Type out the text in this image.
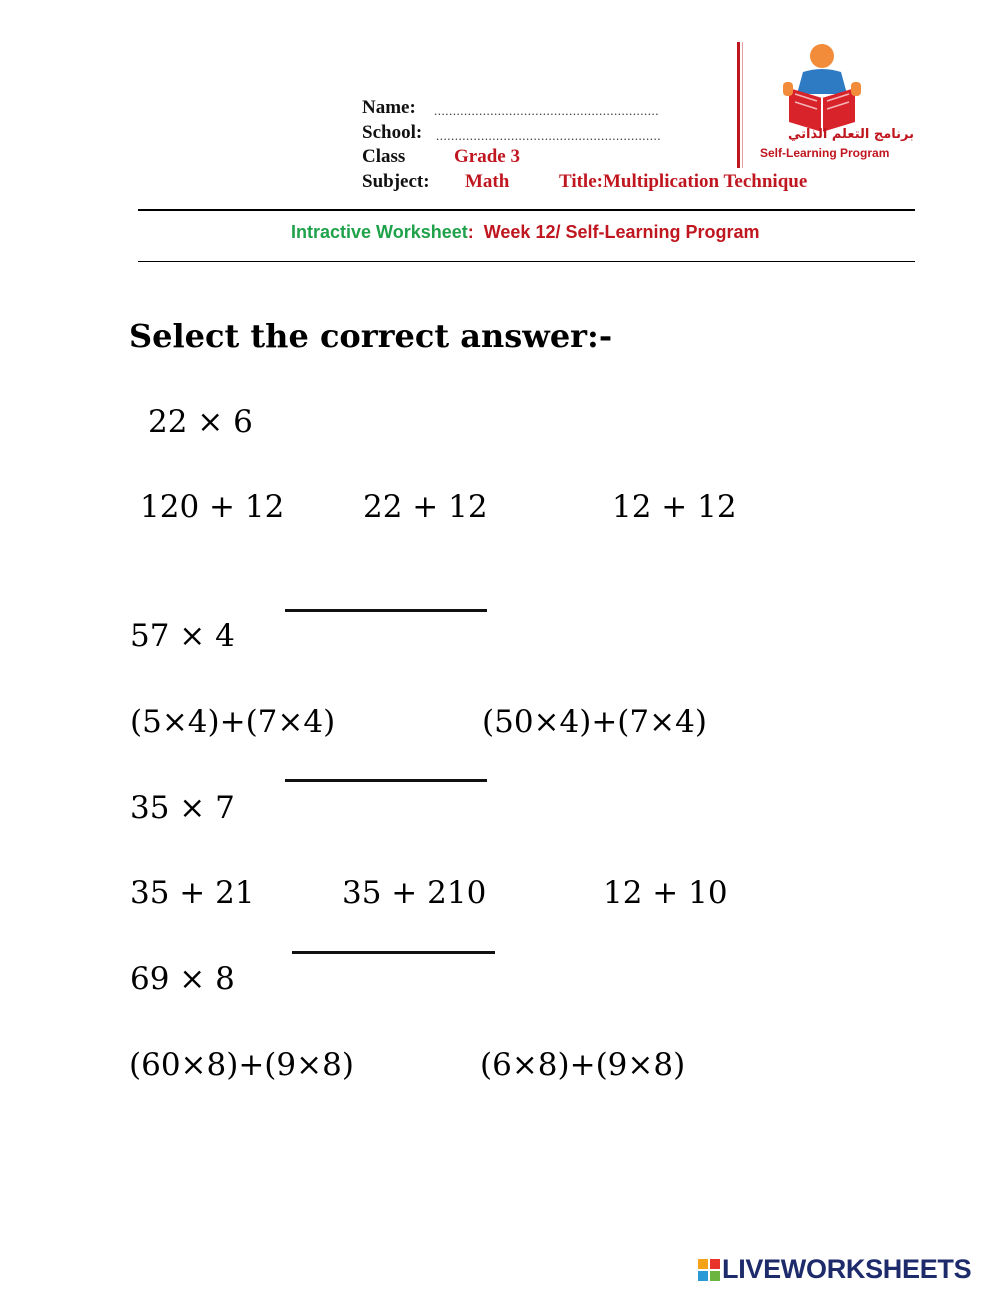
Name: ............................................................
School: ............................................................
Class	Grade 3
Subject: Math	Title:Multiplication Technique
برنامج التعلم الذاتي
Self-Learning Program
Intractive Worksheet: Week 12/ Self-Learning Program
Select the correct answer:-
22 × 6
120 + 12	22 + 12	12 + 12
57 × 4
(5×4)+(7×4)	(50×4)+(7×4)
35 × 7
35 + 21	35 + 210	12 + 10
69 × 8
(60×8)+(9×8)	(6×8)+(9×8)
LIVEWORKSHEETS
